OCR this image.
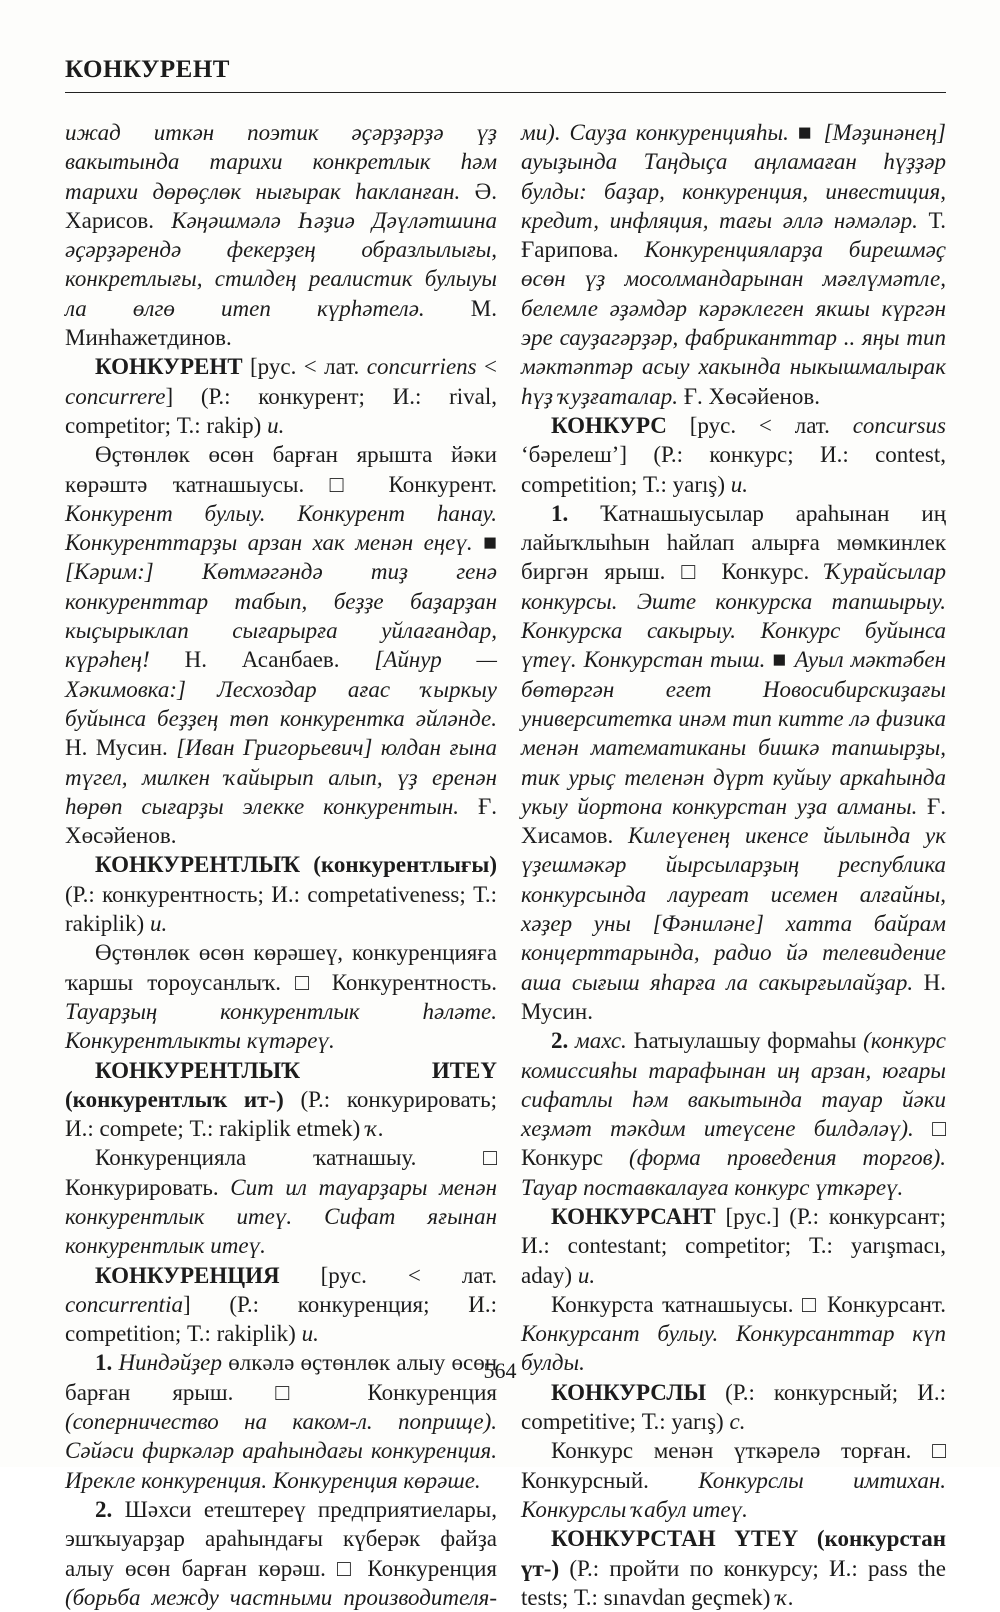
КОНКУРЕНТ

ижад иткән поэтик әҫәрҙәрҙә үҙ вакытында тарихи конкретлык һәм тарихи дөрөҫлөк нығырак һакланған. Ә. Харисов. Кәңәшмәлә Һәҙиә Дәүләтшина әҫәрҙәрендә фекерҙең образлылығы, конкретлығы, стилдең реалистик булыуы ла өлгө итеп күрһәтелә. М. Минһажетдинов.

КОНКУРЕНТ [рус. < лат. concurriens < concurrere] (Р.: конкурент; И.: rival, competitor; Т.: rakip) и.

Өҫтөнлөк өсөн барған ярышта йәки көрәштә ҡатнашыусы. □ Конкурент. Конкурент булыу. Конкурент һанау. Конкуренттарҙы арзан хак менән еңеү. ■ [Кәрим:] Көтмәгәндә тиҙ генә конкуренттар табып, беҙҙе баҙарҙан кыҫырыклап сығарырға уйлағандар, күрәһең! Н. Асанбаев. [Айнур — Хәкимовка:] Лесхоздар ағас ҡыркыу буйынса беҙҙең төп конкурентка әйләнде. Н. Мусин. [Иван Григорьевич] юлдан ғына түгел, милкен ҡайырып алып, үҙ еренән һөрөп сығарҙы элекке конкурентын. Ғ. Хөсәйенов.

КОНКУРЕНТЛЫҠ (конкурентлығы) (Р.: конкурентность; И.: competativeness; Т.: rakiplik) и.

Өҫтөнлөк өсөн көрәшеү, конкуренцияға ҡаршы тороусанлыҡ. □ Конкурентность. Тауарҙың конкурентлык һәләте. Конкурентлыкты күтәреү.

КОНКУРЕНТЛЫҠ ИТЕҮ (конкурентлыҡ ит-) (Р.: конкурировать; И.: compete; Т.: rakiplik etmek) ҡ.

Конкуренцияла ҡатнашыу. □ Конкурировать. Сит ил тауарҙары менән конкурентлык итеү. Сифат яғынан конкурентлык итеү.

КОНКУРЕНЦИЯ [рус. < лат. concurrentia] (Р.: конкуренция; И.: competition; Т.: rakiplik) и.

1. Ниндәйҙер өлкәлә өҫтөнлөк алыу өсөн барған ярыш. □ Конкуренция (соперничество на каком-л. поприще). Сәйәси фиркәләр араһындағы конкуренция. Ирекле конкуренция. Конкуренция көрәше.

2. Шәхси етештереү предприятиелары, эшҡыуарҙар араһындағы күберәк файҙа алыу өсөн барған көрәш. □ Конкуренция (борьба между частными производителя-

ми). Сауҙа конкуренцияһы. ■ [Мәҙинәнең] ауыҙында Таңдыҫа аңламаған һүҙҙәр булды: баҙар, конкуренция, инвестиция, кредит, инфляция, тағы әллә нәмәләр. Т. Ғарипова. Конкуренцияларҙа бирешмәҫ өсөн үҙ мосолмандарынан мәғлүмәтле, белемле әҙәмдәр кәрәклеген якшы күргән эре сауҙагәрҙәр, фабриканттар .. яңы тип мәктәптәр асыу хакында ныкышмалырак һүҙ ҡуҙғаталар. Ғ. Хөсәйенов.

КОНКУРС [рус. < лат. concursus ‘бәрелеш’] (Р.: конкурс; И.: contest, competition; Т.: yarış) и.

1. Ҡатнашыусылар араһынан иң лайыҡлыһын һайлап алырға мөмкинлек биргән ярыш. □ Конкурс. Ҡурайсылар конкурсы. Эште конкурска тапшырыу. Конкурска сакырыу. Конкурс буйынса үтеү. Конкурстан тыш. ■ Ауыл мәктәбен бөтөргән егет Новосибирскиҙағы университетка инәм тип китте лә физика менән математиканы бишкә тапшырҙы, тик урыҫ теленән дүрт куйыу аркаһында укыу йортона конкурстан уҙа алманы. Ғ. Хисамов. Килеүенең икенсе йылында ук үҙешмәкәр йырсыларҙың республика конкурсында лауреат исемен алғайны, хәҙер уны [Фәниләне] хатта байрам концерттарында, радио йә телевидение аша сығыш яһарға ла сакырғылайҙар. Н. Мусин.

2. махс. Һатыулашыу формаһы (конкурс комиссияһы тарафынан иң арзан, юғары сифатлы һәм вакытында тауар йәки хеҙмәт тәкдим итеүсене билдәләү). □ Конкурс (форма проведения торгов). Тауар поставкалауға конкурс үткәреү.

КОНКУРСАНТ [рус.] (Р.: конкурсант; И.: contestant; competitor; Т.: yarışmacı, aday) и.

Конкурста ҡатнашыусы. □ Конкурсант. Конкурсант булыу. Конкурсанттар күп булды.

КОНКУРСЛЫ (Р.: конкурсный; И.: competitive; Т.: yarış) с.

Конкурс менән үткәрелә торған. □ Конкурсный. Конкурслы имтихан. Конкурслы ҡабул итеү.

КОНКУРСТАН ҮТЕҮ (конкурстан үт-) (Р.: пройти по конкурсу; И.: pass the tests; Т.: sınavdan geçmek) ҡ.

564
